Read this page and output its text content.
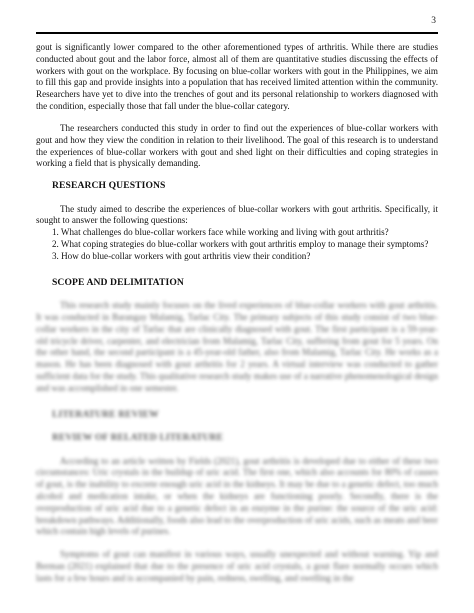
3

gout is significantly lower compared to the other aforementioned types of arthritis. While there are studies conducted about gout and the labor force, almost all of them are quantitative studies discussing the effects of workers with gout on the workplace. By focusing on blue-collar workers with gout in the Philippines, we aim to fill this gap and provide insights into a population that has received limited attention within the community. Researchers have yet to dive into the trenches of gout and its personal relationship to workers diagnosed with the condition, especially those that fall under the blue-collar category.

The researchers conducted this study in order to find out the experiences of blue-collar workers with gout and how they view the condition in relation to their livelihood. The goal of this research is to understand the experiences of blue-collar workers with gout and shed light on their difficulties and coping strategies in working a field that is physically demanding.

RESEARCH QUESTIONS

The study aimed to describe the experiences of blue-collar workers with gout arthritis. Specifically, it sought to answer the following questions:

1. What challenges do blue-collar workers face while working and living with gout arthritis?
2. What coping strategies do blue-collar workers with gout arthritis employ to manage their symptoms?
3. How do blue-collar workers with gout arthritis view their condition?
SCOPE AND DELIMITATION

This research study mainly focuses on the lived experiences of blue-collar workers with gout arthritis. It was conducted in Barangay Malamig, Tarlac City. The primary subjects of this study consist of two blue-collar workers in the city of Tarlac that are clinically diagnosed with gout. The first participant is a 59-year-old tricycle driver, carpenter, and electrician from Malamig, Tarlac City, suffering from gout for 5 years. On the other hand, the second participant is a 45-year-old father, also from Malamig, Tarlac City. He works as a mason. He has been diagnosed with gout arthritis for 2 years. A virtual interview was conducted to gather sufficient data for the study. This qualitative research study makes use of a narrative phenomenological design and was accomplished in one semester.

LITERATURE REVIEW
REVIEW OF RELATED LITERATURE

According to an article written by Fields (2021), gout arthritis is developed due to either of these two circumstances: Uric crystals in the buildup of uric acid. The first one, which also accounts for 80% of causes of gout, is the inability to excrete enough uric acid in the kidneys. It may be due to a genetic defect, too much alcohol and medication intake, or when the kidneys are functioning poorly. Secondly, there is the overproduction of uric acid due to a genetic defect in an enzyme in the purine: the source of the uric acid: breakdown pathways. Additionally, foods also lead to the overproduction of uric acids, such as meats and beer which contain high levels of purines.

Symptoms of gout can manifest in various ways, usually unexpected and without warning. Yip and Berman (2021) explained that due to the presence of uric acid crystals, a gout flare normally occurs which lasts for a few hours and is accompanied by pain, redness, swelling, and swelling in the
